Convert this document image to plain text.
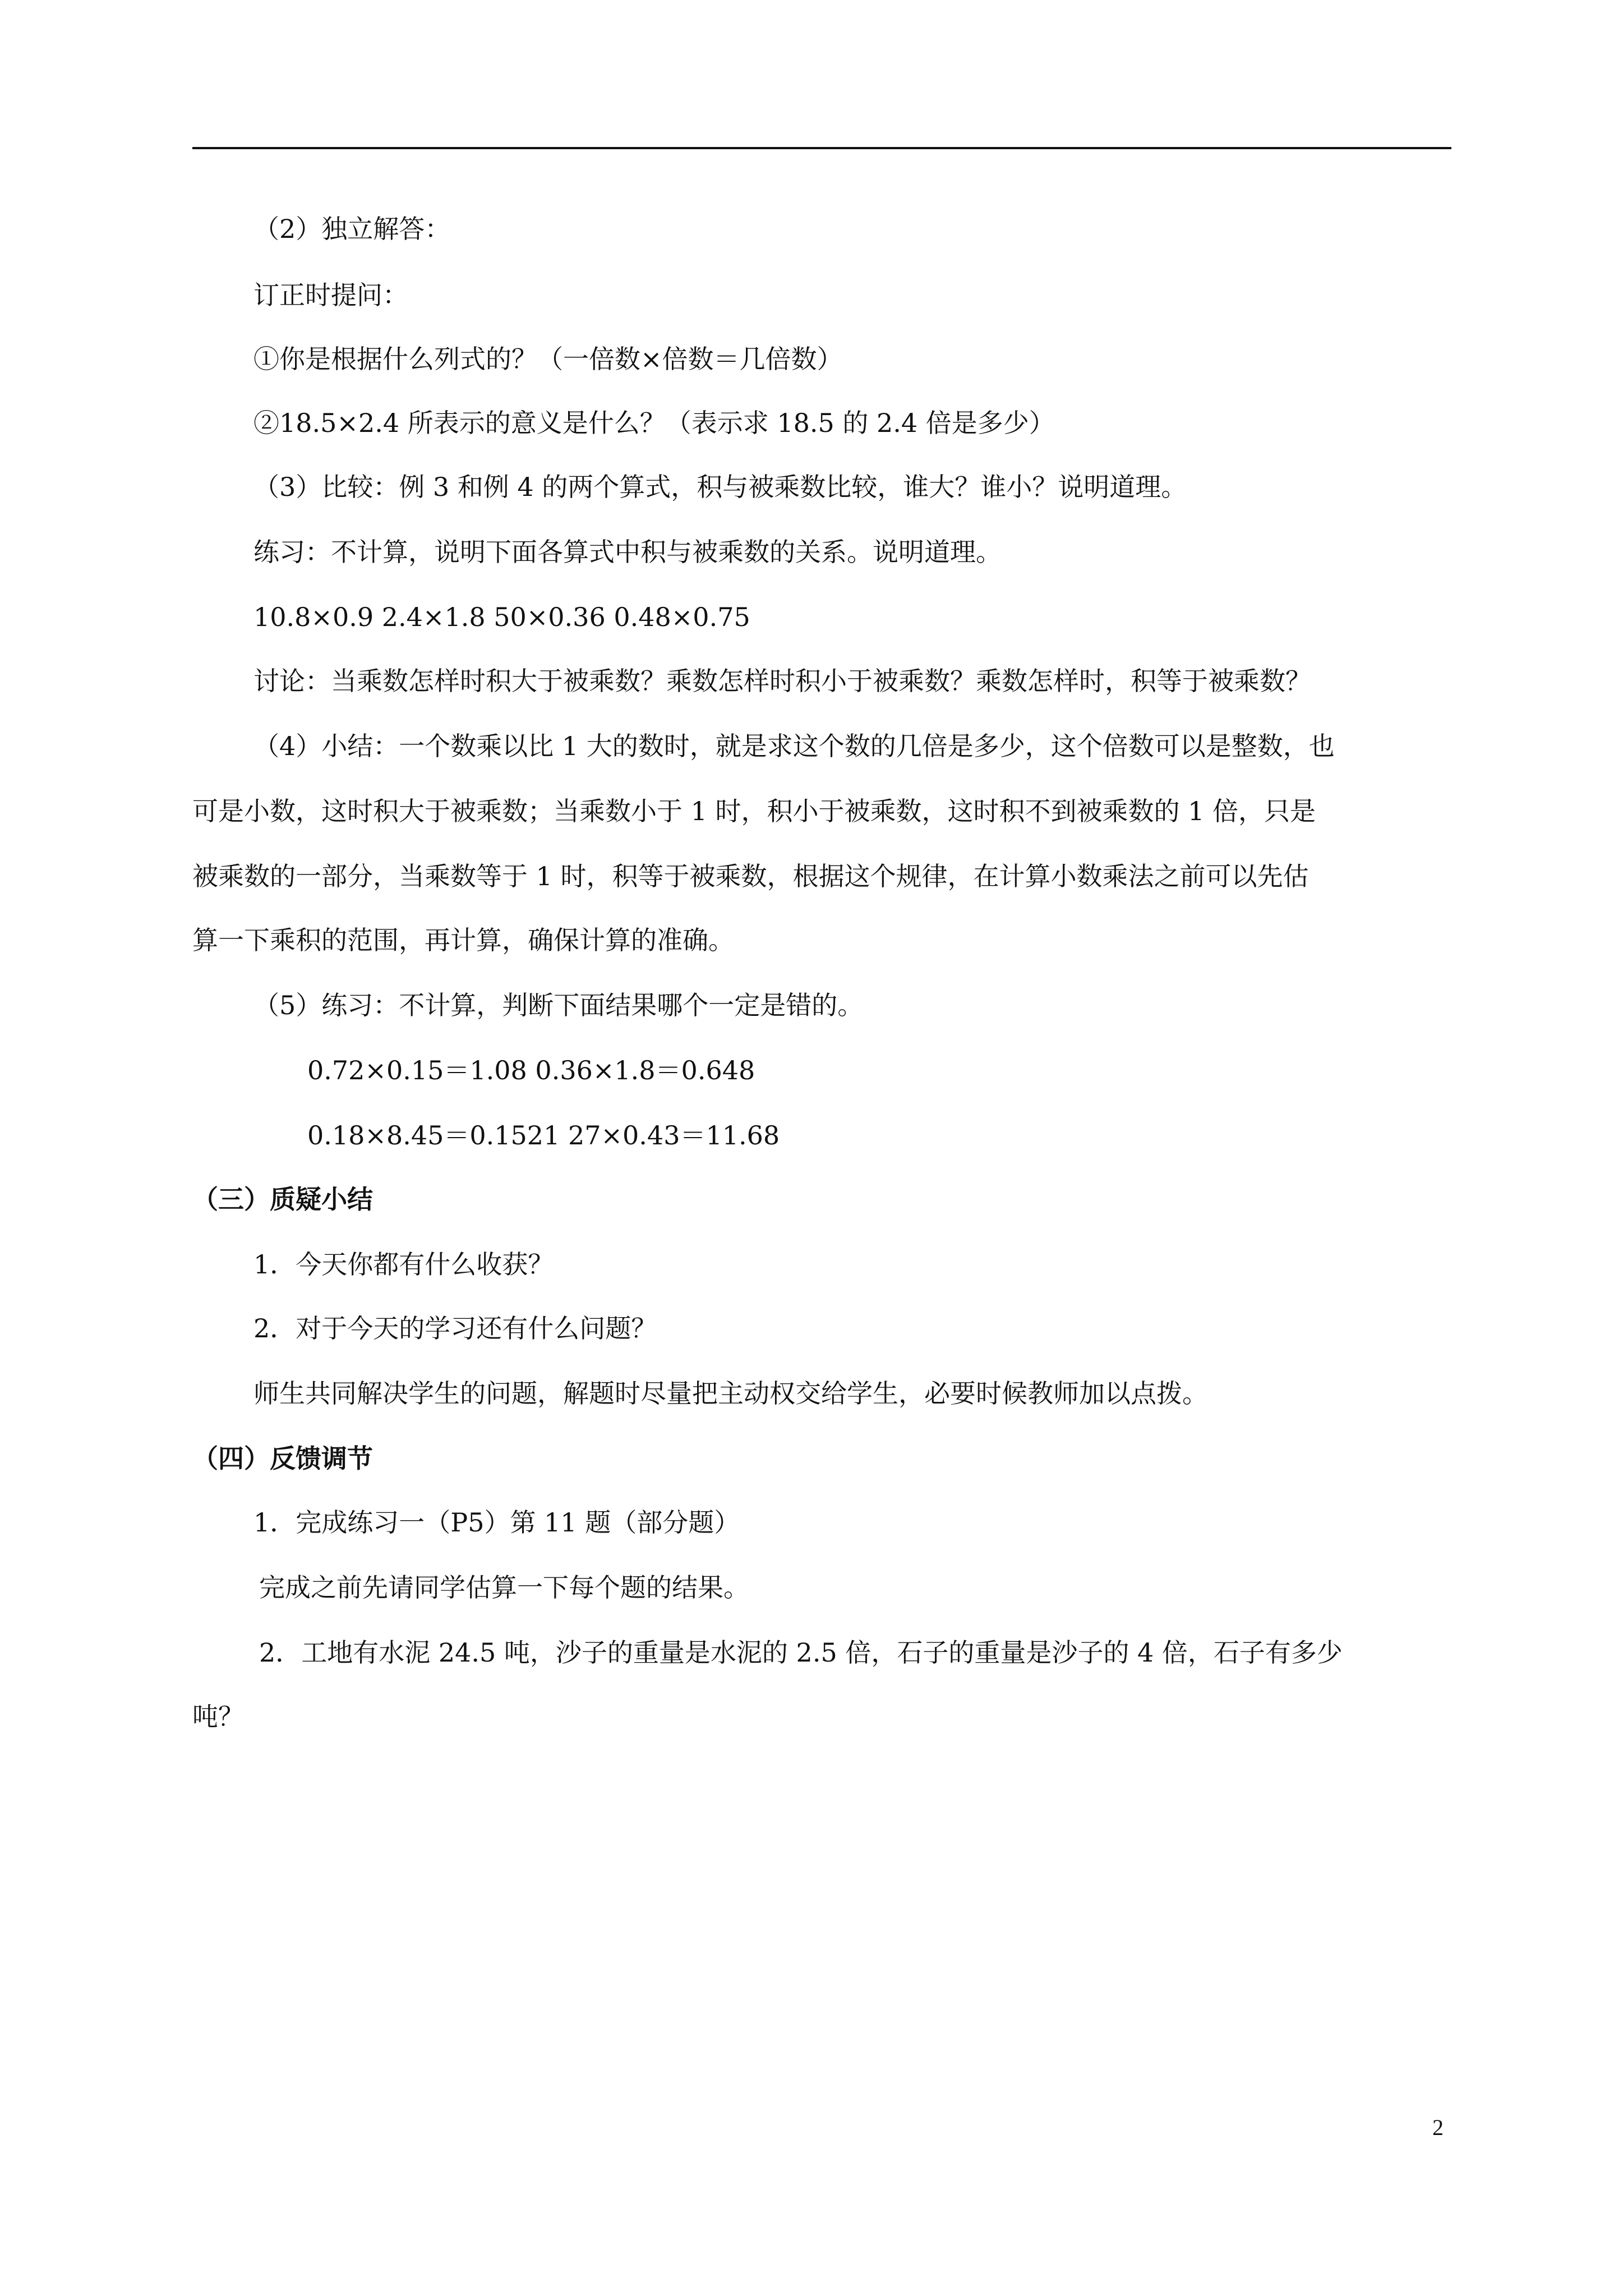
（2）独立解答：
订正时提问：
①你是根据什么列式的？（一倍数×倍数＝几倍数）
②18.5×2.4 所表示的意义是什么？（表示求 18.5 的 2.4 倍是多少）
（3）比较：例 3 和例 4 的两个算式，积与被乘数比较，谁大？谁小？说明道理。
练习：不计算，说明下面各算式中积与被乘数的关系。说明道理。
10.8×0.9 2.4×1.8 50×0.36 0.48×0.75
讨论：当乘数怎样时积大于被乘数？乘数怎样时积小于被乘数？乘数怎样时，积等于被乘数？
（4）小结：一个数乘以比 1 大的数时，就是求这个数的几倍是多少，这个倍数可以是整数，也
可是小数，这时积大于被乘数；当乘数小于 1 时，积小于被乘数，这时积不到被乘数的 1 倍，只是
被乘数的一部分，当乘数等于 1 时，积等于被乘数，根据这个规律，在计算小数乘法之前可以先估
算一下乘积的范围，再计算，确保计算的准确。
（5）练习：不计算，判断下面结果哪个一定是错的。
0.72×0.15＝1.08 0.36×1.8＝0.648
0.18×8.45＝0.1521 27×0.43＝11.68
（三）质疑小结
1．今天你都有什么收获？
2．对于今天的学习还有什么问题？
师生共同解决学生的问题，解题时尽量把主动权交给学生，必要时候教师加以点拨。
（四）反馈调节
1．完成练习一（P5）第 11 题（部分题）
完成之前先请同学估算一下每个题的结果。
2．工地有水泥 24.5 吨，沙子的重量是水泥的 2.5 倍，石子的重量是沙子的 4 倍，石子有多少
吨？
2
